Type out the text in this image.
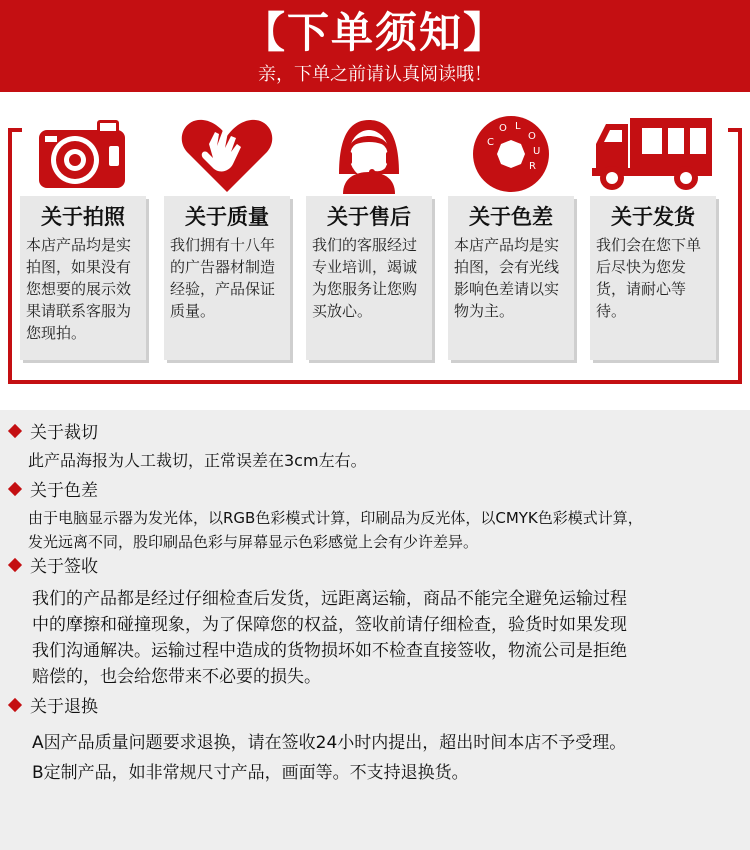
【下单须知】
亲，下单之前请认真阅读哦！
关于拍照
本店产品均是实拍图，如果没有您想要的展示效果请联系客服为您现拍。
关于质量
我们拥有十八年的广告器材制造经验，产品保证质量。
关于售后
我们的客服经过专业培训，竭诚为您服务让您购买放心。
C
O L
O
U
R
关于色差
本店产品均是实拍图，会有光线影响色差请以实物为主。
关于发货
我们会在您下单后尽快为您发货，请耐心等待。
关于裁切
此产品海报为人工裁切，正常误差在3cm左右。
关于色差
由于电脑显示器为发光体，以RGB色彩模式计算，印刷品为反光体，以CMYK色彩模式计算，
发光远离不同，股印刷品色彩与屏幕显示色彩感觉上会有少许差异。
关于签收
我们的产品都是经过仔细检查后发货，远距离运输，商品不能完全避免运输过程
中的摩擦和碰撞现象，为了保障您的权益，签收前请仔细检查，验货时如果发现
我们沟通解决。运输过程中造成的货物损坏如不检查直接签收，物流公司是拒绝
赔偿的，也会给您带来不必要的损失。
关于退换
A因产品质量问题要求退换，请在签收24小时内提出，超出时间本店不予受理。
B定制产品，如非常规尺寸产品，画面等。不支持退换货。
